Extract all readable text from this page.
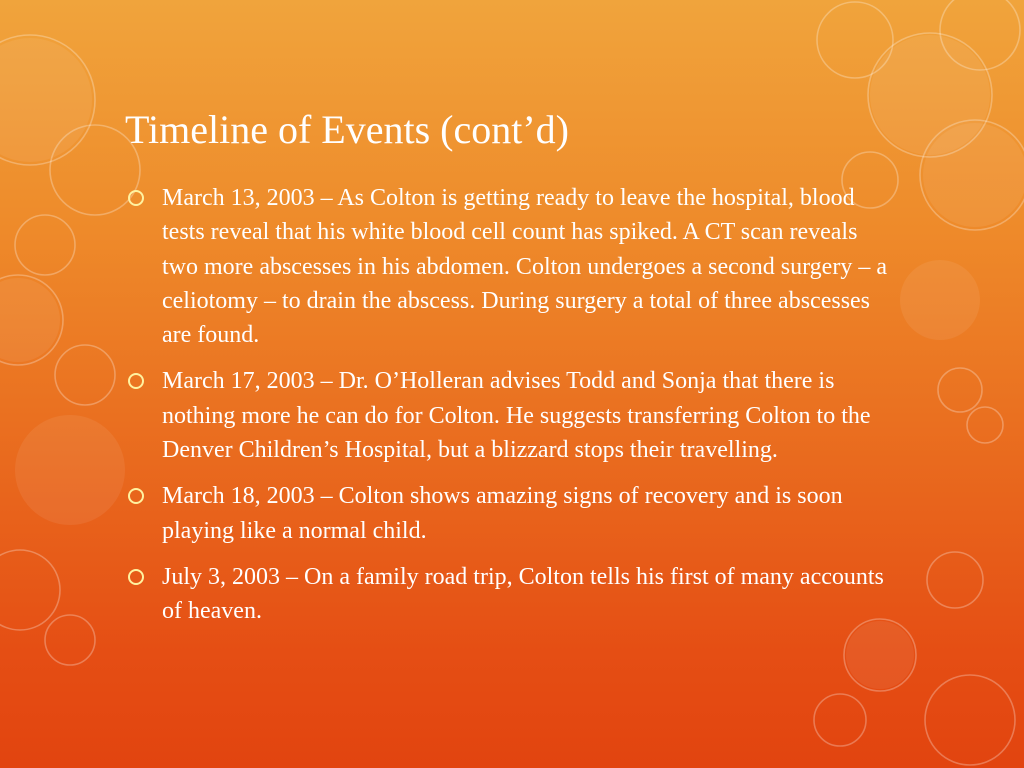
Timeline of Events (cont’d)
March 13, 2003 – As Colton is getting ready to leave the hospital, blood tests reveal that his white blood cell count has spiked. A CT scan reveals two more abscesses in his abdomen. Colton undergoes a second surgery – a celiotomy – to drain the abscess. During surgery a total of three abscesses are found.
March 17, 2003 – Dr. O’Holleran advises Todd and Sonja that there is nothing more he can do for Colton. He suggests transferring Colton to the Denver Children’s Hospital, but a blizzard stops their travelling.
March 18, 2003 – Colton shows amazing signs of recovery and is soon playing like a normal child.
July 3, 2003 – On a family road trip, Colton tells his first of many accounts of heaven.
